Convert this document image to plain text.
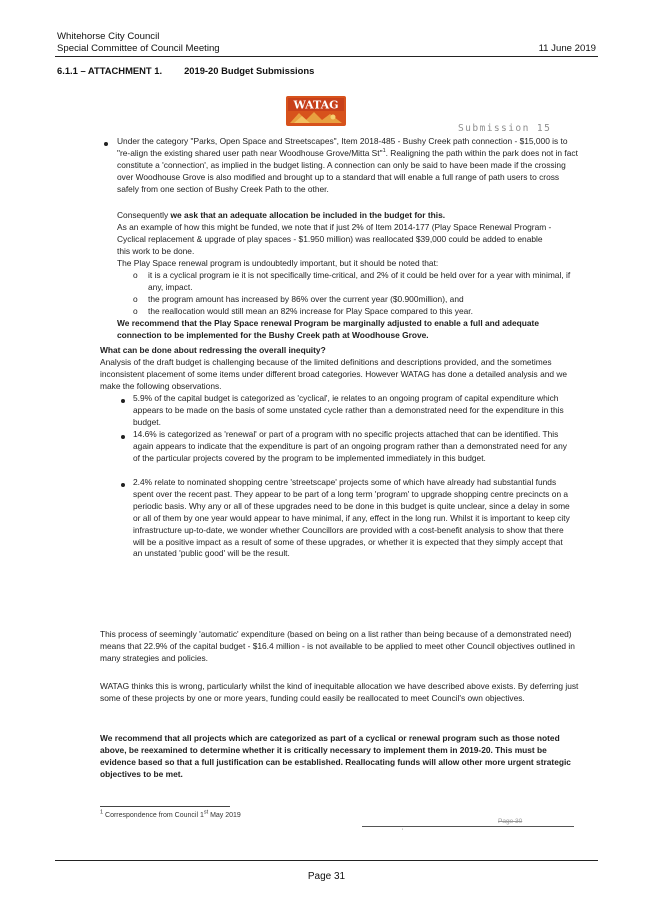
Whitehorse City Council
Special Committee of Council Meeting	11 June 2019
6.1.1 – ATTACHMENT 1. 2019-20 Budget Submissions
WATAG
Submission 15

Under the category "Parks, Open Space and Streetscapes", Item 2018-485 - Bushy Creek path connection - $15,000 is to "re-align the existing shared user path near Woodhouse Grove/Mitta St"$^1$. Realigning the path within the park does not in fact constitute a 'connection', as implied in the budget listing. A connection can only be said to have been made if the crossing over Woodhouse Grove is also modified and brought up to a standard that will enable a full range of path users to cross safely from one section of Bushy Creek Path to the other.

Consequently we ask that an adequate allocation be included in the budget for this.

As an example of how this might be funded, we note that if just 2% of Item 2014-177 (Play Space Renewal Program - Cyclical replacement & upgrade of play spaces - $1.950 million) was reallocated $39,000 could be added to enable this work to be done.

The Play Space renewal program is undoubtedly important, but it should be noted that:

o it is a cyclical program ie it is not specifically time-critical, and 2% of it could be held over for a year with minimal, if any, impact.

o the program amount has increased by 86% over the current year ($0.900million), and

o the reallocation would still mean an 82% increase for Play Space compared to this year.

We recommend that the Play Space renewal Program be marginally adjusted to enable a full and adequate connection to be implemented for the Bushy Creek path at Woodhouse Grove.

What can be done about redressing the overall inequity?

Analysis of the draft budget is challenging because of the limited definitions and descriptions provided, and the sometimes inconsistent placement of some items under different broad categories. However WATAG has done a detailed analysis and we make the following observations.

5.9% of the capital budget is categorized as 'cyclical', ie relates to an ongoing program of capital expenditure which appears to be made on the basis of some unstated cycle rather than a demonstrated need for the expenditure in this budget.

14.6% is categorized as 'renewal' or part of a program with no specific projects attached that can be identified. This again appears to indicate that the expenditure is part of an ongoing program rather than a demonstrated need for any of the particular projects covered by the program to be implemented immediately in this budget.

2.4% relate to nominated shopping centre 'streetscape' projects some of which have already had substantial funds spent over the recent past. They appear to be part of a long term 'program' to upgrade shopping centre precincts on a periodic basis. Why any or all of these upgrades need to be done in this budget is quite unclear, since a delay in some or all of them by one year would appear to have minimal, if any, effect in the long run. Whilst it is important to keep city infrastructure up-to-date, we wonder whether Councillors are provided with a cost-benefit analysis to show that there will be a positive impact as a result of some of these upgrades, or whether it is expected that they simply accept that an unstated 'public good' will be the result.

This process of seemingly 'automatic' expenditure (based on being on a list rather than being because of a demonstrated need) means that 22.9% of the capital budget - $16.4 million - is not available to be applied to meet other Council objectives outlined in many strategies and policies.

WATAG thinks this is wrong, particularly whilst the kind of inequitable allocation we have described above exists. By deferring just some of these projects by one or more years, funding could easily be reallocated to meet Council's own objectives.

We recommend that all projects which are categorized as part of a cyclical or renewal program such as those noted above, be reexamined to determine whether it is critically necessary to implement them in 2019-20. This must be evidence based so that a full justification can be established. Reallocating funds will allow other more urgent strategic objectives to be met.

$^1$ Correspondence from Council 1st May 2019
Page 30
'
Page 31
